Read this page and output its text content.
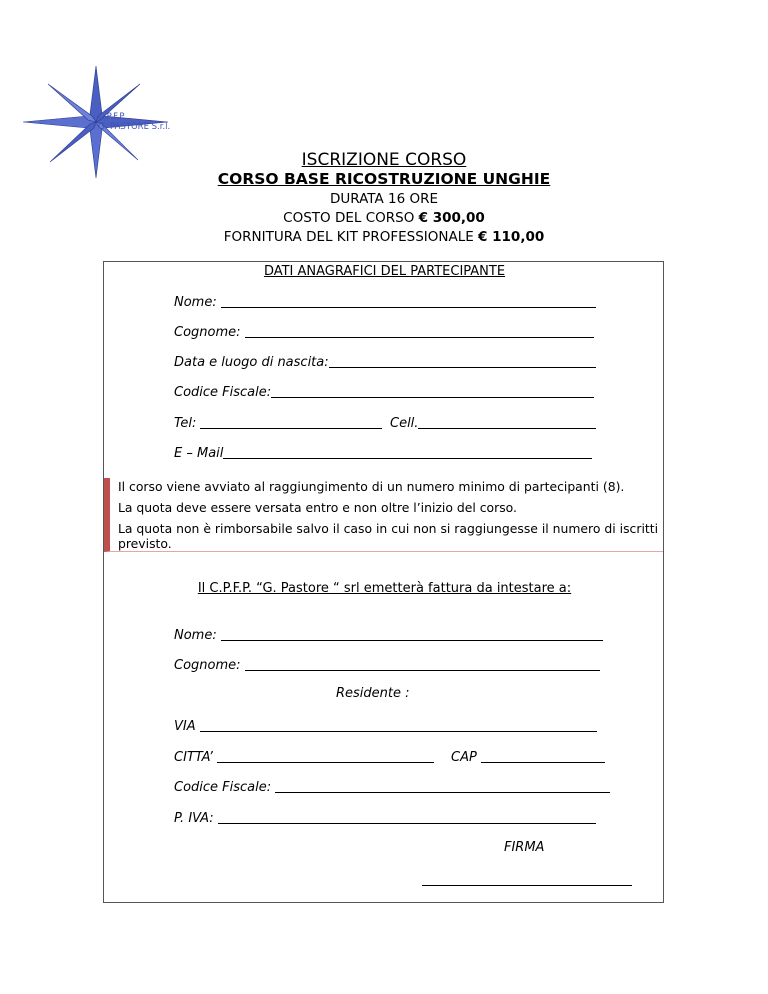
C.P.F.P.
G. PASTORE S.r.l.
ISCRIZIONE CORSO
CORSO BASE RICOSTRUZIONE UNGHIE
DURATA 16 ORE
COSTO DEL CORSO € 300,00
FORNITURA DEL KIT PROFESSIONALE € 110,00
DATI ANAGRAFICI DEL PARTECIPANTE
Nome:
Cognome:
Data e luogo di nascita:
Codice Fiscale:
Tel:	Cell.
E – Mail

Il corso viene avviato al raggiungimento di un numero minimo di partecipanti (8).

La quota deve essere versata entro e non oltre l’inizio del corso.

La quota non è rimborsabile salvo il caso in cui non si raggiungesse il numero di iscritti

previsto.

Il C.P.F.P. “G. Pastore “ srl emetterà fattura da intestare a:
Nome:
Cognome:
Residente :
VIA
CITTA’	CAP
Codice Fiscale:
P. IVA:
FIRMA
